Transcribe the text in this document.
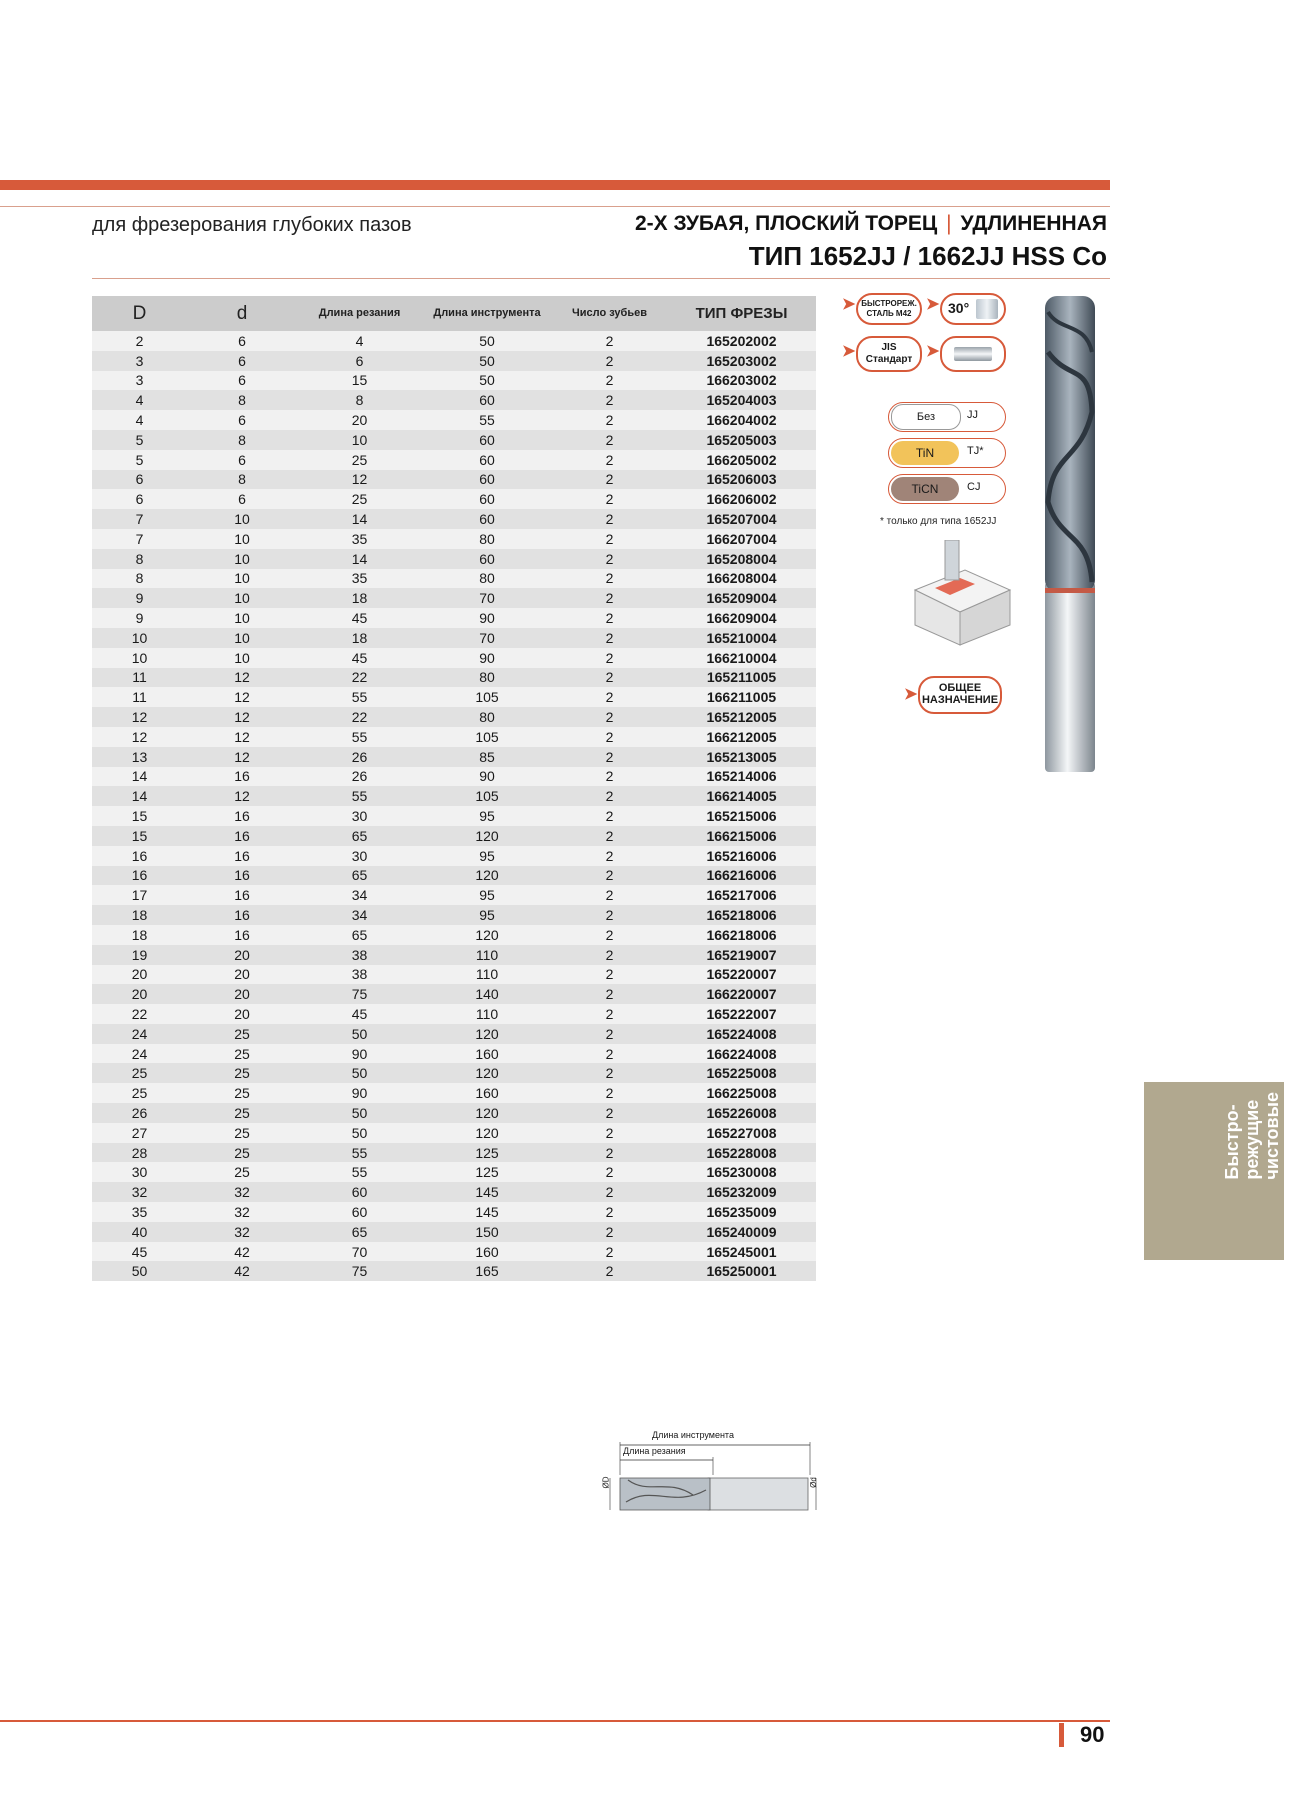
для фрезерования глубоких пазов	2-Х ЗУБАЯ, ПЛОСКИЙ ТОРЕЦ | УДЛИНЕННАЯ
ТИП 1652JJ / 1662JJ HSS Co
D	d	Длина резания	Длина инструмента	Число зубьев	ТИП ФРЕЗЫ
2	6	4	50	2	165202002
3	6	6	50	2	165203002
3	6	15	50	2	166203002
4	8	8	60	2	165204003
4	6	20	55	2	166204002
5	8	10	60	2	165205003
5	6	25	60	2	166205002
6	8	12	60	2	165206003
6	6	25	60	2	166206002
7	10	14	60	2	165207004
7	10	35	80	2	166207004
8	10	14	60	2	165208004
8	10	35	80	2	166208004
9	10	18	70	2	165209004
9	10	45	90	2	166209004
10	10	18	70	2	165210004
10	10	45	90	2	166210004
11	12	22	80	2	165211005
11	12	55	105	2	166211005
12	12	22	80	2	165212005
12	12	55	105	2	166212005
13	12	26	85	2	165213005
14	16	26	90	2	165214006
14	12	55	105	2	166214005
15	16	30	95	2	165215006
15	16	65	120	2	166215006
16	16	30	95	2	165216006
16	16	65	120	2	166216006
17	16	34	95	2	165217006
18	16	34	95	2	165218006
18	16	65	120	2	166218006
19	20	38	110	2	165219007
20	20	38	110	2	165220007
20	20	75	140	2	166220007
22	20	45	110	2	165222007
24	25	50	120	2	165224008
24	25	90	160	2	166224008
25	25	50	120	2	165225008
25	25	90	160	2	166225008
26	25	50	120	2	165226008
27	25	50	120	2	165227008
28	25	55	125	2	165228008
30	25	55	125	2	165230008
32	32	60	145	2	165232009
35	32	60	145	2	165235009
40	32	65	150	2	165240009
45	42	70	160	2	165245001
50	42	75	165	2	165250001
➤ БЫСТРОРЕЖ.
СТАЛЬ M42
➤ 30°
➤	JIS
Стандарт ➤
Без	JJ
TiN	TJ*
TiCN	CJ
* только для типа 1652JJ
➤	ОБЩЕЕ
НАЗНАЧЕНИЕ
Длина инструмента
Длина резания
ØD	Ød
Быстро-
режущие
чистовые
фрезы
90
